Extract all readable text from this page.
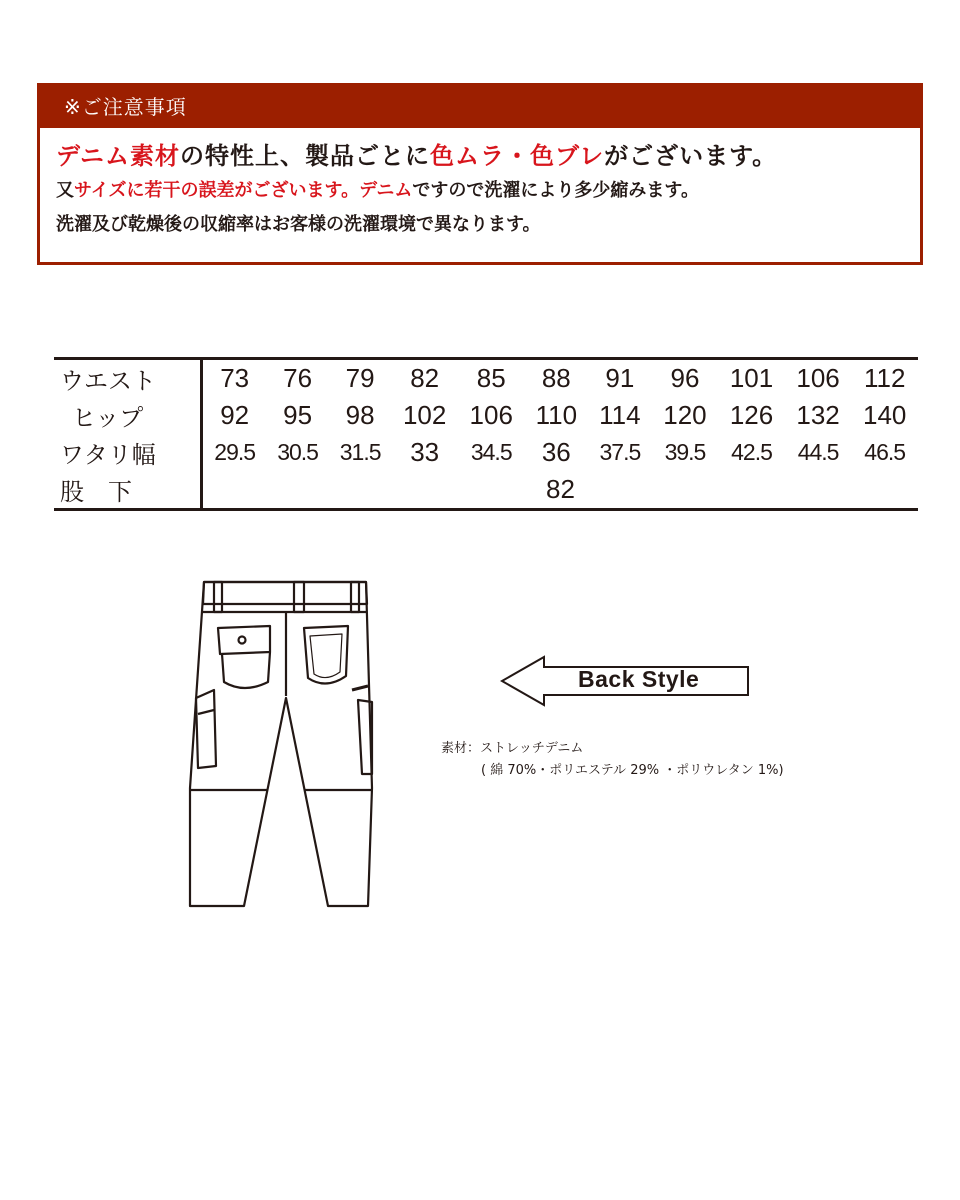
※ご注意事項
デニム素材の特性上、製品ごとに色ムラ・色ブレがございます。
又サイズに若干の誤差がございます。デニムですので洗濯により多少縮みます。
洗濯及び乾燥後の収縮率はお客様の洗濯環境で異なります。
ウエスト	73	76	79	82	85	88	91	96	101	106	112
ヒップ	92	95	98	102	106	110	114	120	126	132	140
ワタリ幅	29.5	30.5	31.5	33	34.5	36	37.5	39.5	42.5	44.5	46.5
股　下	82										
Back Style
素材：ストレッチデニム
( 綿 70%・ポリエステル 29% ・ポリウレタン 1%)
